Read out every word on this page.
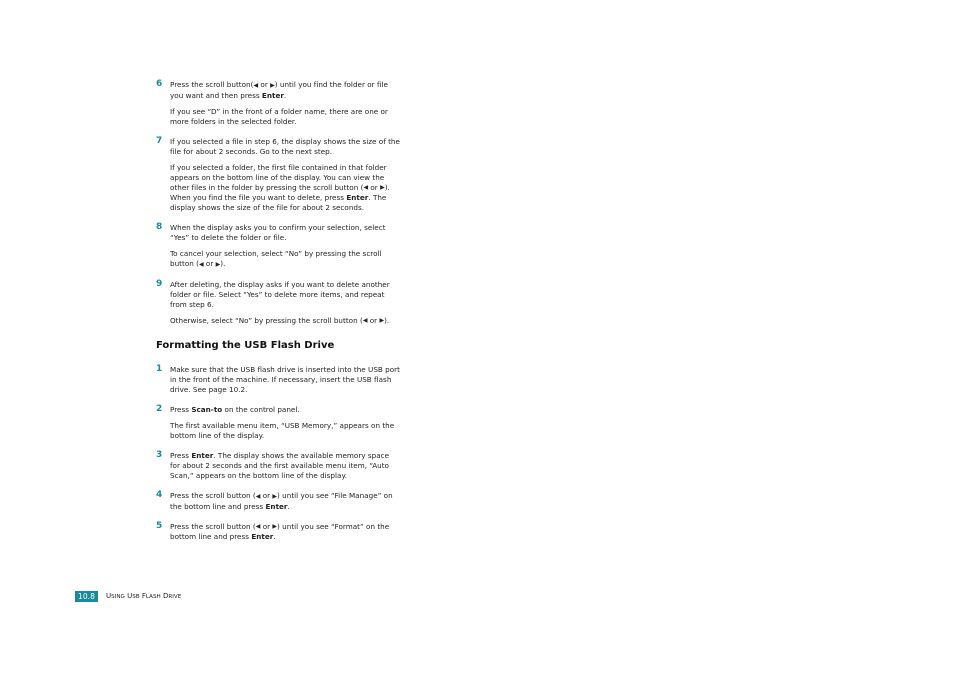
6 Press the scroll button(◀ or ▶) until you find the folder or file you want and then press Enter.

If you see “D” in the front of a folder name, there are one or more folders in the selected folder.

7 If you selected a file in step 6, the display shows the size of the file for about 2 seconds. Go to the next step.

If you selected a folder, the first file contained in that folder appears on the bottom line of the display. You can view the other files in the folder by pressing the scroll button (◀ or ▶). When you find the file you want to delete, press Enter. The display shows the size of the file for about 2 seconds.

8 When the display asks you to confirm your selection, select “Yes” to delete the folder or file.

To cancel your selection, select “No” by pressing the scroll button (◀ or ▶).

9 After deleting, the display asks if you want to delete another folder or file. Select “Yes” to delete more items, and repeat from step 6.

Otherwise, select “No” by pressing the scroll button (◀ or ▶).

Formatting the USB Flash Drive

1 Make sure that the USB flash drive is inserted into the USB port in the front of the machine. If necessary, insert the USB flash drive. See page 10.2.

2 Press Scan-to on the control panel.

The first available menu item, “USB Memory,” appears on the bottom line of the display.

3 Press Enter. The display shows the available memory space for about 2 seconds and the first available menu item, “Auto Scan,” appears on the bottom line of the display.

4 Press the scroll button (◀ or ▶) until you see “File Manage” on the bottom line and press Enter.

5 Press the scroll button (◀ or ▶) until you see “Format” on the bottom line and press Enter.

10.8 USING USB FLASH DRIVE
